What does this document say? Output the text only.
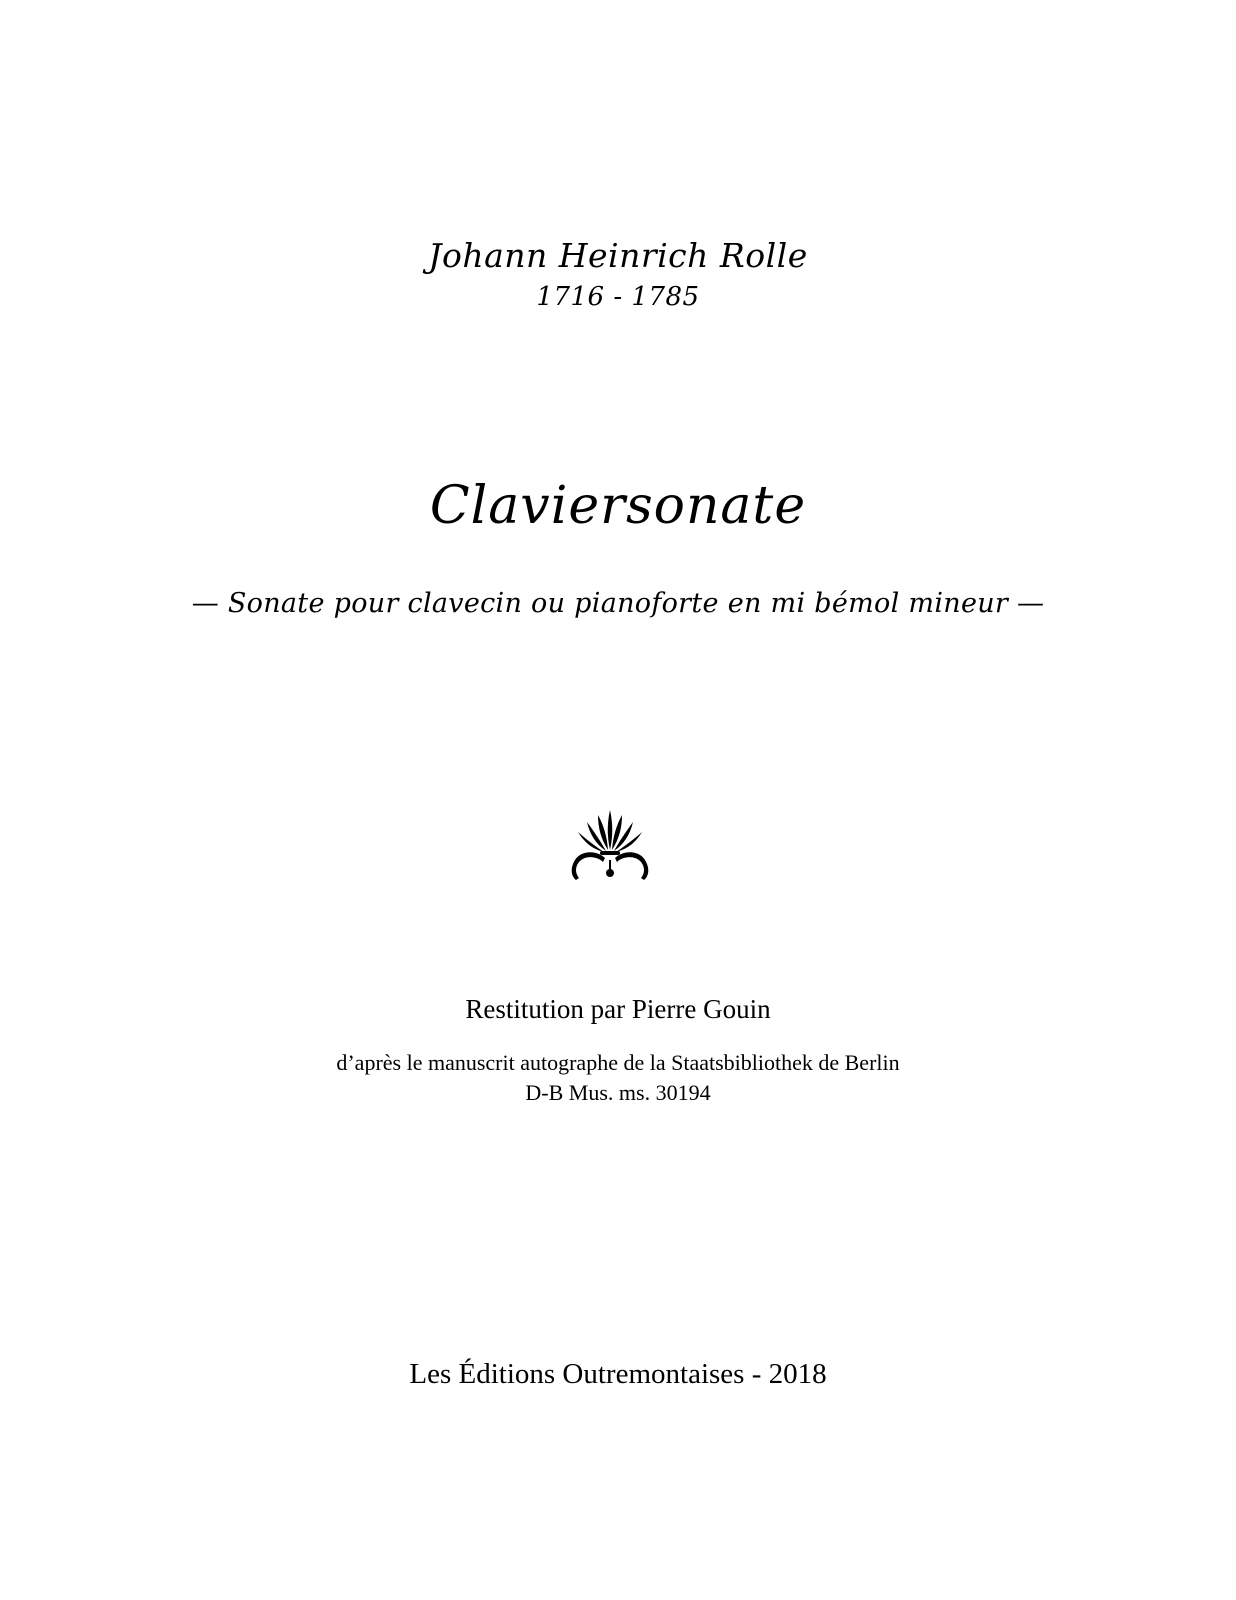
Johann Heinrich Rolle
1716 - 1785
Claviersonate
— Sonate pour clavecin ou pianoforte en mi bémol mineur —
Restitution par Pierre Gouin
d’après le manuscrit autographe de la Staatsbibliothek de Berlin
D-B Mus. ms. 30194
Les Éditions Outremontaises - 2018
